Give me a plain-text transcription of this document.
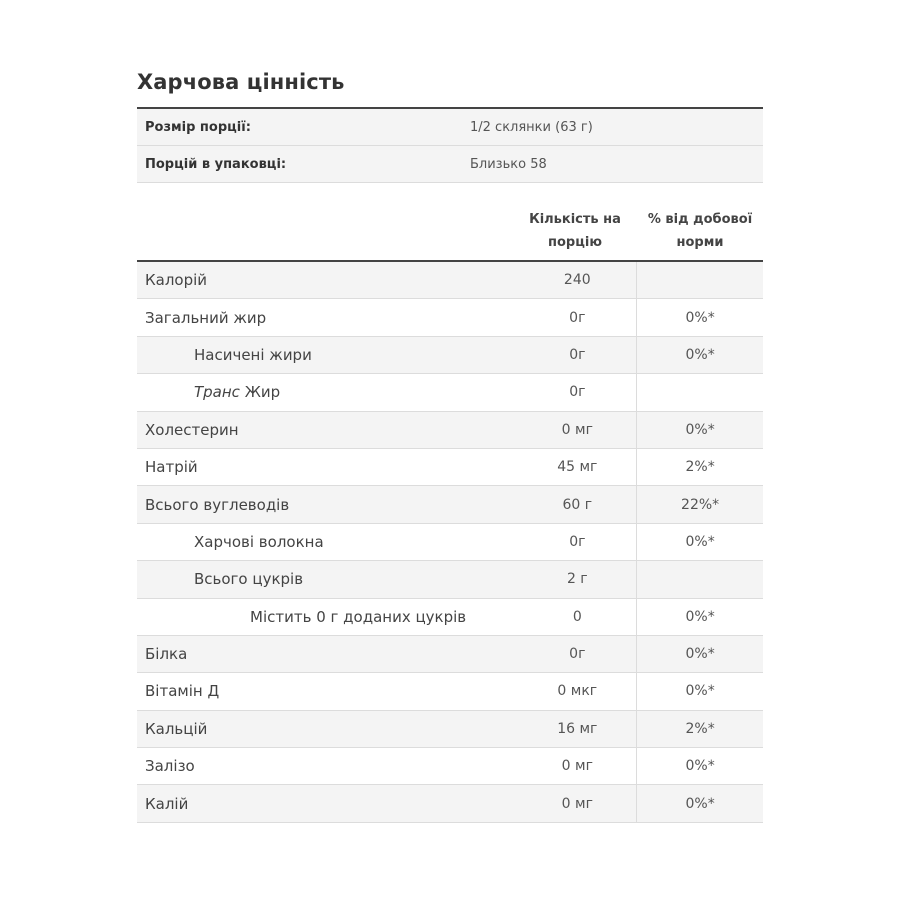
Харчова цінність
Розмір порції:	1/2 склянки (63 г)
Порцій в упаковці:	Близько 58
Кількість на
порцію
% від добової
норми
Калорій	240
Загальний жир	0г	0%*
Насичені жири	0г	0%*
Транс Жир	0г
Холестерин	0 мг	0%*
Натрій	45 мг	2%*
Всього вуглеводів	60 г	22%*
Харчові волокна	0г	0%*
Всього цукрів	2 г
Містить 0 г доданих цукрів	0	0%*
Білка	0г	0%*
Вітамін Д	0 мкг	0%*
Кальцій	16 мг	2%*
Залізо	0 мг	0%*
Калій	0 мг	0%*
